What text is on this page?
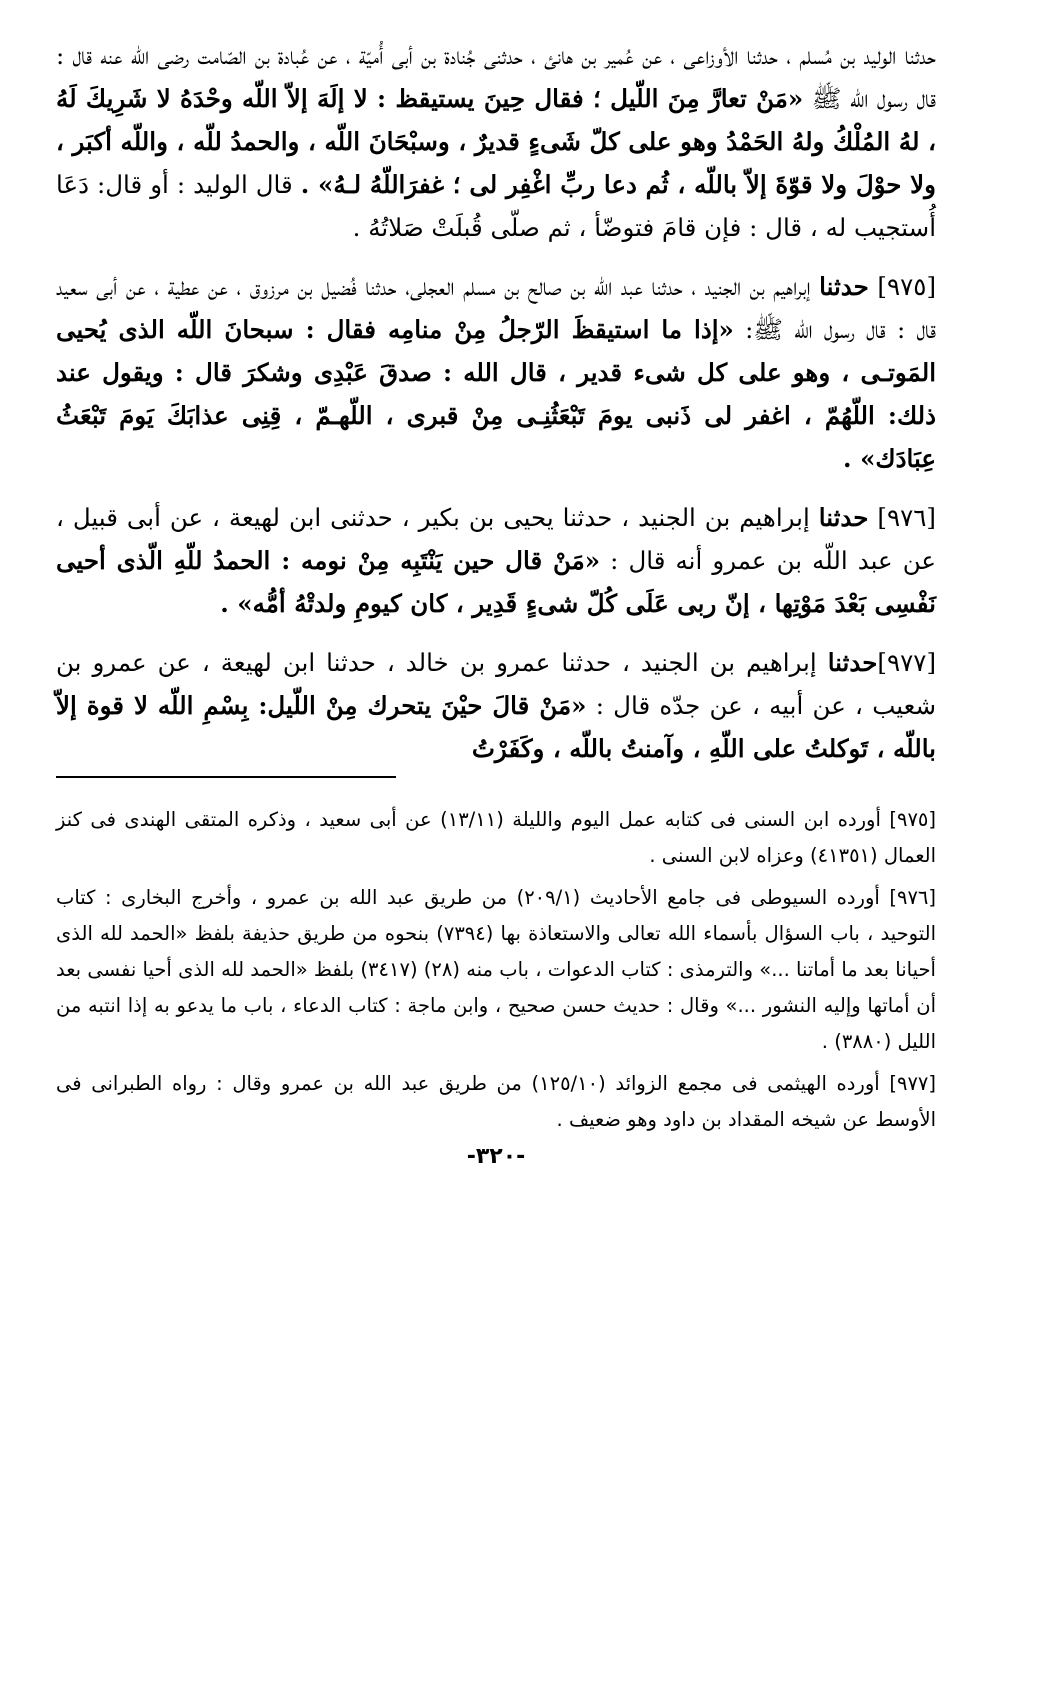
حدثنا الوليد بن مُسلم ، حدثنا الأوزاعى ، عن عُمير بن هانئ ، حدثنى جُنادة بن أبى أُميّة ، عن عُبادة بن الصّامت رضى الله عنه قال : قال رسول الله ﷺ «مَنْ تعارَّ مِنَ اللّيل ؛ فقال حِينَ يستيقظ : لا إلَهَ إلاّ اللّه وحْدَهُ لا شَرِيكَ لَهُ ، لهُ المُلْكُ ولهُ الحَمْدُ وهو على كلّ شَىءٍ قديرٌ ، وسبْحَانَ اللّه ، والحمدُ للّه ، واللّه أكبَر ، ولا حوْلَ ولا قوّةَ إلاّ باللّه ، ثُم دعا ربِّ اغْفِر لى ؛ غفرَاللّهُ لـهُ» . قال الوليد : أو قال: دَعَا أُستجيب له ، قال : فإن قامَ فتوضّأ ، ثم صلّى قُبلَتْ صَلاتُهُ .

[٩٧٥] حدثنا إبراهيم بن الجنيد ، حدثنا عبد الله بن صالح بن مسلم العجلى، حدثنا فُضيل بن مرزوق ، عن عطية ، عن أبى سعيد قال : قال رسول الله ﷺ: «إذا ما استيقظَ الرّجلُ مِنْ منامِه فقال : سبحانَ اللّه الذى يُحيى المَوتـى ، وهو على كل شىء قدير ، قال الله : صدقَ عَبْدِى وشكرَ قال : ويقول عند ذلك: اللّهُمّ ، اغفر لى ذَنبى يومَ تَبْعَثُنِـى مِنْ قبرى ، اللّهـمّ ، قِنِى عذابَكَ يَومَ تَبْعَثُ عِبَادَك» .

[٩٧٦] حدثنا إبراهيم بن الجنيد ، حدثنا يحيى بن بكير ، حدثنى ابن لهيعة ، عن أبى قبيل ، عن عبد اللّه بن عمرو أنه قال : «مَنْ قال حين يَنْتَبِه مِنْ نومه : الحمدُ للّهِ الّذى أحيى نَفْسِى بَعْدَ مَوْتِها ، إنّ ربى عَلَى كُلّ شىءٍ قَدِير ، كان كيومِ ولدتْهُ أمُّه» .

[٩٧٧]حدثنا إبراهيم بن الجنيد ، حدثنا عمرو بن خالد ، حدثنا ابن لهيعة ، عن عمرو بن شعيب ، عن أبيه ، عن جدّه قال : «مَنْ قالَ حيْنَ يتحرك مِنْ اللّيل: بِسْمِ اللّه لا قوة إلاّ باللّه ، تَوكلتُ على اللّهِ ، وآمنتُ باللّه ، وكَفَرْتُ

[٩٧٥] أورده ابن السنى فى كتابه عمل اليوم والليلة (١٣/١١) عن أبى سعيد ، وذكره المتقى الهندى فى كنز العمال (٤١٣٥١) وعزاه لابن السنى .

[٩٧٦] أورده السيوطى فى جامع الأحاديث (٢٠٩/١) من طريق عبد الله بن عمرو ، وأخرج البخارى : كتاب التوحيد ، باب السؤال بأسماء الله تعالى والاستعاذة بها (٧٣٩٤) بنحوه من طريق حذيفة بلفظ «الحمد لله الذى أحيانا بعد ما أماتنا ...» والترمذى : كتاب الدعوات ، باب منه (٢٨) (٣٤١٧) بلفظ «الحمد لله الذى أحيا نفسى بعد أن أماتها وإليه النشور ...» وقال : حديث حسن صحيح ، وابن ماجة : كتاب الدعاء ، باب ما يدعو به إذا انتبه من الليل (٣٨٨٠) .

[٩٧٧] أورده الهيثمى فى مجمع الزوائد (١٢٥/١٠) من طريق عبد الله بن عمرو وقال : رواه الطبرانى فى الأوسط عن شيخه المقداد بن داود وهو ضعيف .

-٣٢٠-
